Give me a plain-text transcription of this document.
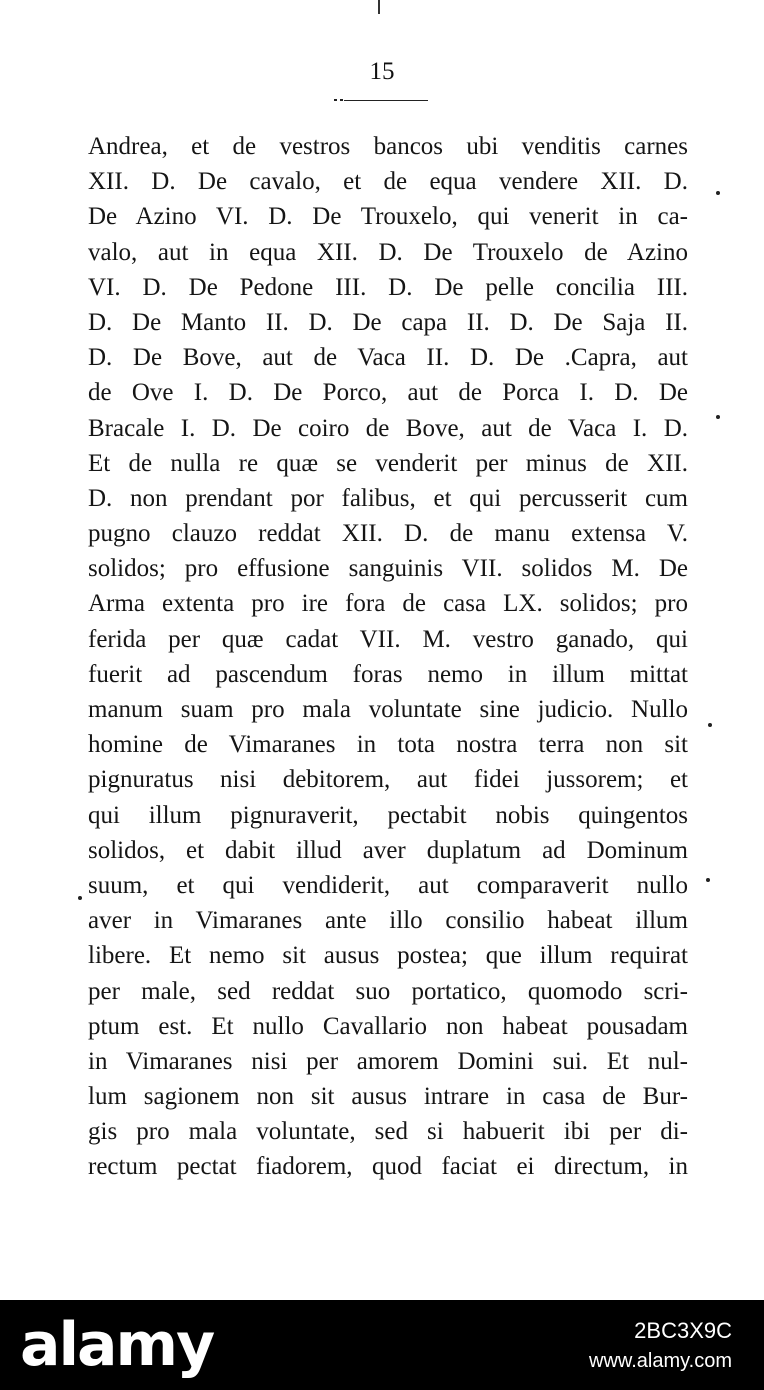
15
Andrea, et de vestros bancos ubi venditis carnes
XII. D. De cavalo, et de equa vendere XII. D.
De Azino VI. D. De Trouxelo, qui venerit in ca-
valo, aut in equa XII. D. De Trouxelo de Azino
VI. D. De Pedone III. D. De pelle concilia III.
D. De Manto II. D. De capa II. D. De Saja II.
D. De Bove, aut de Vaca II. D. De .Capra, aut
de Ove I. D. De Porco, aut de Porca I. D. De
Bracale I. D. De coiro de Bove, aut de Vaca I. D.
Et de nulla re quæ se venderit per minus de XII.
D. non prendant por falibus, et qui percusserit cum
pugno clauzo reddat XII. D. de manu extensa V.
solidos; pro effusione sanguinis VII. solidos M. De
Arma extenta pro ire fora de casa LX. solidos; pro
ferida per quæ cadat VII. M. vestro ganado, qui
fuerit ad pascendum foras nemo in illum mittat
manum suam pro mala voluntate sine judicio. Nullo
homine de Vimaranes in tota nostra terra non sit
pignuratus nisi debitorem, aut fidei jussorem; et
qui illum pignuraverit, pectabit nobis quingentos
solidos, et dabit illud aver duplatum ad Dominum
suum, et qui vendiderit, aut comparaverit nullo
aver in Vimaranes ante illo consilio habeat illum
libere. Et nemo sit ausus postea; que illum requirat
per male, sed reddat suo portatico, quomodo scri-
ptum est. Et nullo Cavallario non habeat pousadam
in Vimaranes nisi per amorem Domini sui. Et nul-
lum sagionem non sit ausus intrare in casa de Bur-
gis pro mala voluntate, sed si habuerit ibi per di-
rectum pectat fiadorem, quod faciat ei directum, in
alamy	2BC3X9C
www.alamy.com
